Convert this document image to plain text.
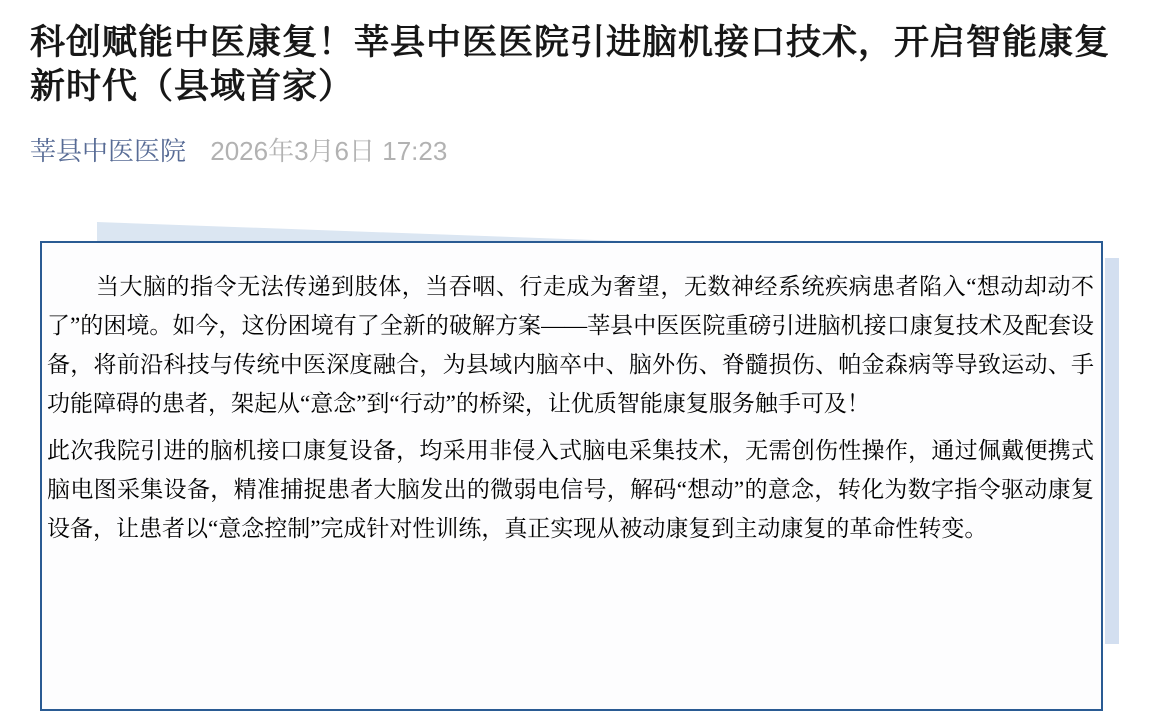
科创赋能中医康复！莘县中医医院引进脑机接口技术，开启智能康复新时代（县域首家）
莘县中医医院 2026年3月6日 17:23

当大脑的指令无法传递到肢体，当吞咽、行走成为奢望，无数神经系统疾病患者陷入“想动却动不了”的困境。如今，这份困境有了全新的破解方案——莘县中医医院重磅引进脑机接口康复技术及配套设备，将前沿科技与传统中医深度融合，为县域内脑卒中、脑外伤、脊髓损伤、帕金森病等导致运动、手功能障碍的患者，架起从“意念”到“行动”的桥梁，让优质智能康复服务触手可及！

此次我院引进的脑机接口康复设备，均采用非侵入式脑电采集技术，无需创伤性操作，通过佩戴便携式脑电图采集设备，精准捕捉患者大脑发出的微弱电信号，解码“想动”的意念，转化为数字指令驱动康复设备，让患者以“意念控制”完成针对性训练，真正实现从被动康复到主动康复的革命性转变。
